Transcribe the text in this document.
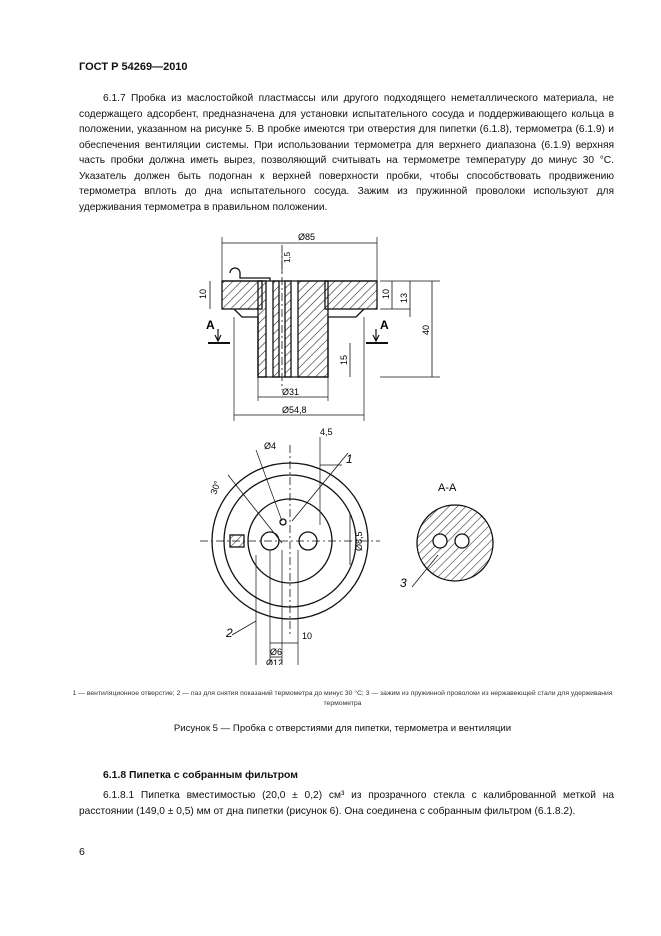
ГОСТ Р 54269—2010

6.1.7 Пробка из маслостойкой пластмассы или другого подходящего неметаллического материала, не содержащего адсорбент, предназначена для установки испытательного сосуда и поддерживающего кольца в положении, указанном на рисунке 5. В пробке имеются три отверстия для пипетки (6.1.8), термометра (6.1.9) и обеспечения вентиляции системы. При использовании термометра для верхнего диапазона (6.1.9) верхняя часть пробки должна иметь вырез, позволяющий считывать на термометре температуру до минус 30 °С. Указатель должен быть подогнан к верхней поверхности пробки, чтобы способствовать продвижению термометра вплоть до дна испытательного сосуда. Зажим из пружинной проволоки используют для удерживания термометра в правильном положении.

Ø85
Ø31
Ø54,8
1,5
10	10 13
40
15
А	А
Ø4
4,5
30°
Ø8,5
10
Ø6
Ø12
1
2
А-А
3
1 — вентиляционное отверстие; 2 — паз для снятия показаний термометра до минус 30 °С; 3 — зажим из пружинной проволоки из нержавеющей стали для удерживания термометра
Рисунок 5 — Пробка с отверстиями для пипетки, термометра и вентиляции
6.1.8 Пипетка с собранным фильтром

6.1.8.1 Пипетка вместимостью (20,0 ± 0,2) см³ из прозрачного стекла с калиброванной меткой на расстоянии (149,0 ± 0,5) мм от дна пипетки (рисунок 6). Она соединена с собранным фильтром (6.1.8.2).

6
